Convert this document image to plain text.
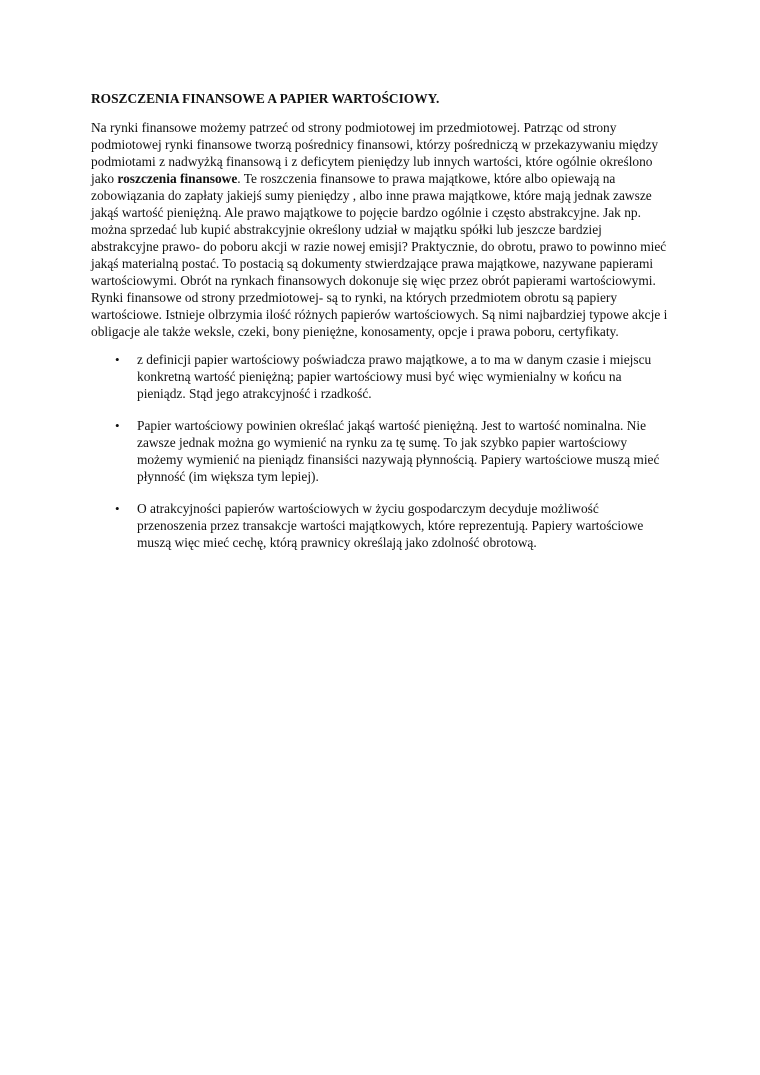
ROSZCZENIA FINANSOWE A PAPIER WARTOŚCIOWY.

Na rynki finansowe możemy patrzeć od strony podmiotowej im przedmiotowej. Patrząc od strony podmiotowej rynki finansowe tworzą pośrednicy finansowi, którzy pośredniczą w przekazywaniu między podmiotami z nadwyżką finansową i z deficytem pieniędzy lub innych wartości, które ogólnie określono jako roszczenia finansowe. Te roszczenia finansowe to prawa majątkowe, które albo opiewają na zobowiązania do zapłaty jakiejś sumy pieniędzy , albo inne prawa majątkowe, które mają jednak zawsze jakąś wartość pieniężną. Ale prawo majątkowe to pojęcie bardzo ogólnie i często abstrakcyjne. Jak np. można sprzedać lub kupić abstrakcyjnie określony udział w majątku spółki lub jeszcze bardziej abstrakcyjne prawo- do poboru akcji w razie nowej emisji? Praktycznie, do obrotu, prawo to powinno mieć jakąś materialną postać. To postacią są dokumenty stwierdzające prawa majątkowe, nazywane papierami wartościowymi. Obrót na rynkach finansowych dokonuje się więc przez obrót papierami wartościowymi. Rynki finansowe od strony przedmiotowej- są to rynki, na których przedmiotem obrotu są papiery wartościowe. Istnieje olbrzymia ilość różnych papierów wartościowych. Są nimi najbardziej typowe akcje i obligacje ale także weksle, czeki, bony pieniężne, konosamenty, opcje i prawa poboru, certyfikaty.

• z definicji papier wartościowy poświadcza prawo majątkowe, a to ma w danym czasie i miejscu konkretną wartość pieniężną; papier wartościowy musi być więc wymienialny w końcu na pieniądz. Stąd jego atrakcyjność i rzadkość.
• Papier wartościowy powinien określać jakąś wartość pieniężną. Jest to wartość nominalna. Nie zawsze jednak można go wymienić na rynku za tę sumę. To jak szybko papier wartościowy możemy wymienić na pieniądz finansiści nazywają płynnością. Papiery wartościowe muszą mieć płynność (im większa tym lepiej).
• O atrakcyjności papierów wartościowych w życiu gospodarczym decyduje możliwość przenoszenia przez transakcje wartości majątkowych, które reprezentują. Papiery wartościowe muszą więc mieć cechę, którą prawnicy określają jako zdolność obrotową.
